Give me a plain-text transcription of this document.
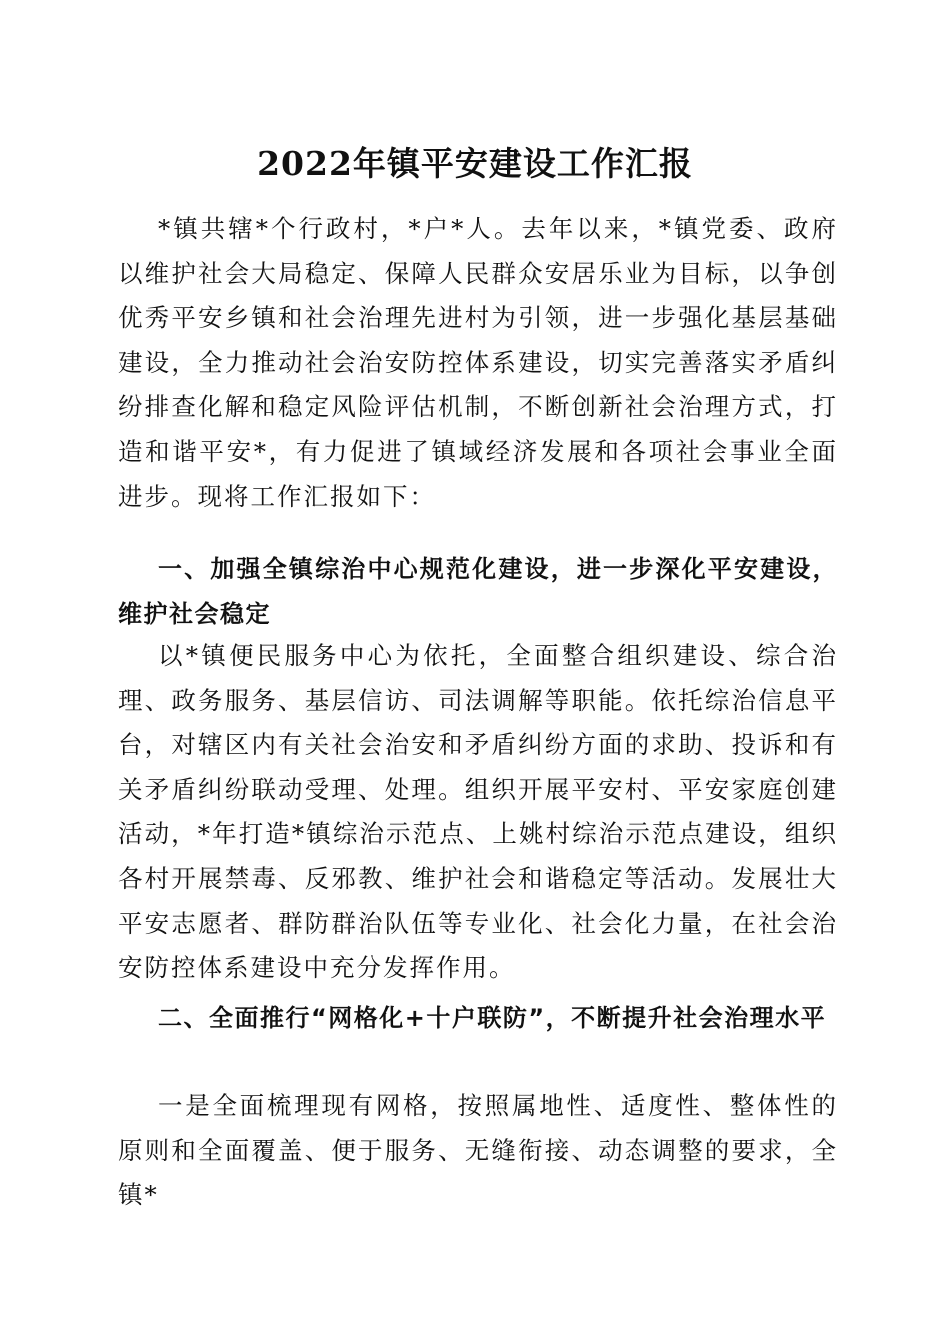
2022年镇平安建设工作汇报

*镇共辖*个行政村，*户*人。去年以来，*镇党委、政府以维护社会大局稳定、保障人民群众安居乐业为目标，以争创优秀平安乡镇和社会治理先进村为引领，进一步强化基层基础建设，全力推动社会治安防控体系建设，切实完善落实矛盾纠纷排查化解和稳定风险评估机制，不断创新社会治理方式，打造和谐平安*，有力促进了镇域经济发展和各项社会事业全面进步。现将工作汇报如下：

一、加强全镇综治中心规范化建设，进一步深化平安建设，维护社会稳定

以*镇便民服务中心为依托，全面整合组织建设、综合治理、政务服务、基层信访、司法调解等职能。依托综治信息平台，对辖区内有关社会治安和矛盾纠纷方面的求助、投诉和有关矛盾纠纷联动受理、处理。组织开展平安村、平安家庭创建活动，*年打造*镇综治示范点、上姚村综治示范点建设，组织各村开展禁毒、反邪教、维护社会和谐稳定等活动。发展壮大平安志愿者、群防群治队伍等专业化、社会化力量，在社会治安防控体系建设中充分发挥作用。

二、全面推行“网格化+十户联防”，不断提升社会治理水平

一是全面梳理现有网格，按照属地性、适度性、整体性的原则和全面覆盖、便于服务、无缝衔接、动态调整的要求，全镇*
